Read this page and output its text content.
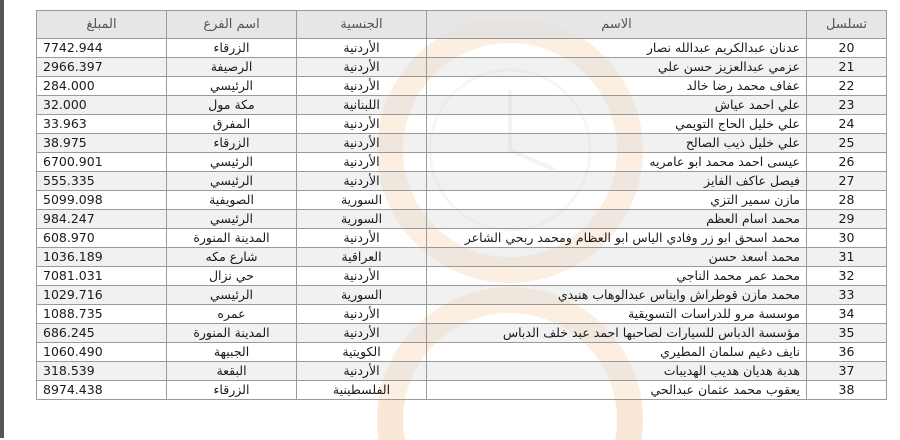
تسلسل	الاسم	الجنسية	اسم الفرع	المبلغ
20	عدنان عبدالكريم عبدالله نصار	الأردنية	الزرقاء	7742.944
21	عزمي عبدالعزيز حسن علي	الأردنية	الرصيفة	2966.397
22	عفاف محمد رضا خالد	الأردنية	الرئيسي	284.000
23	علي احمد عياش	اللبنانية	مكة مول	32.000
24	علي خليل الحاج التويمي	الأردنية	المفرق	33.963
25	علي خليل ذيب الصالح	الأردنية	الزرقاء	38.975
26	عيسى احمد محمد ابو عامريه	الأردنية	الرئيسي	6700.901
27	فيصل عاكف الفايز	الأردنية	الرئيسي	555.335
28	مازن سمير التزي	السورية	الصويفية	5099.098
29	محمد اسام العظم	السورية	الرئيسي	984.247
30	محمد اسحق ابو زر وفادي الياس ابو العظام ومحمد ربحي الشاعر	الأردنية	المدينة المنورة	608.970
31	محمد اسعد حسن	العراقية	شارع مكه	1036.189
32	محمد عمر محمد الناجي	الأردنية	حي نزال	7081.031
33	محمد مازن قوطراش وايناس عبدالوهاب هنيدي	السورية	الرئيسي	1029.716
34	موسسة مرو للدراسات التسويقية	الأردنية	عمره	1088.735
35	مؤسسة الدباس للسيارات لصاحبها احمد عبد خلف الدباس	الأردنية	المدينة المنورة	686.245
36	نايف دغيم سلمان المطيري	الكويتية	الجبيهة	1060.490
37	هدبة هديان هديب الهديبات	الأردنية	البقعة	318.539
38	يعقوب محمد عثمان عبدالحي	الفلسطينية	الزرقاء	8974.438
